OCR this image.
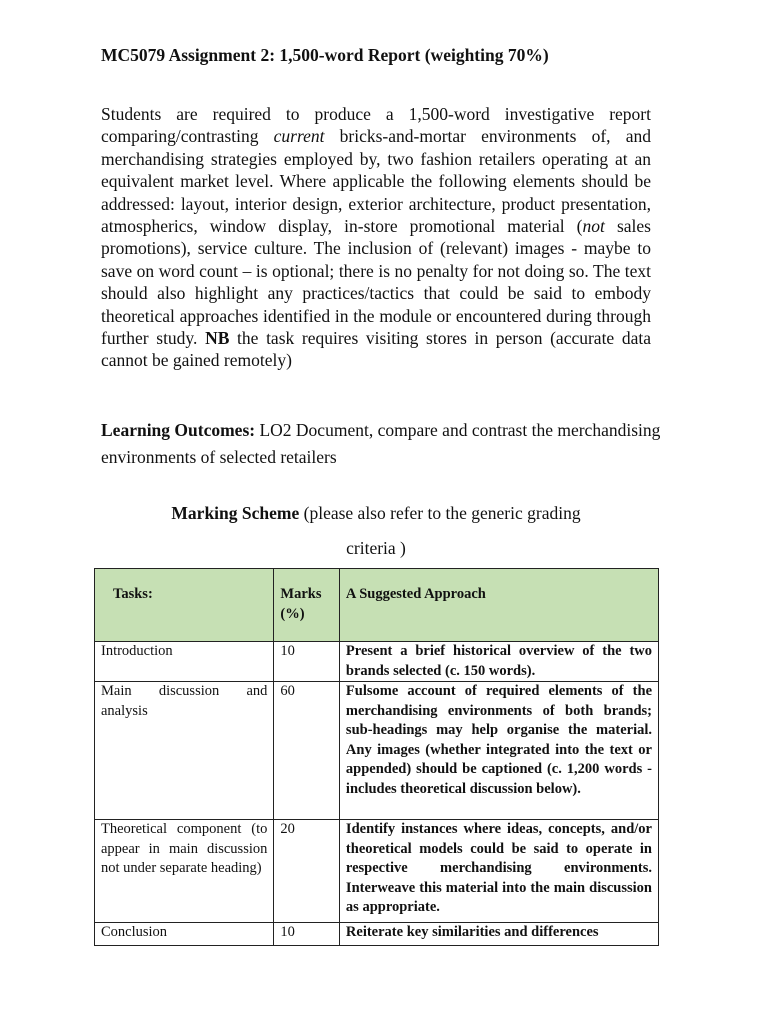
MC5079 Assignment 2: 1,500-word Report (weighting 70%)

Students are required to produce a 1,500-word investigative report comparing/contrasting current bricks-and-mortar environments of, and merchandising strategies employed by, two fashion retailers operating at an equivalent market level. Where applicable the following elements should be addressed: layout, interior design, exterior architecture, product presentation, atmospherics, window display, in-store promotional material (not sales promotions), service culture. The inclusion of (relevant) images - maybe to save on word count – is optional; there is no penalty for not doing so. The text should also highlight any practices/tactics that could be said to embody theoretical approaches identified in the module or encountered during through further study. NB the task requires visiting stores in person (accurate data cannot be gained remotely)

Learning Outcomes: LO2 Document, compare and contrast the merchandising environments of selected retailers

Marking Scheme (please also refer to the generic grading
criteria )
Tasks:	Marks (%)	A Suggested Approach
Introduction	10	Present a brief historical overview of the two brands selected (c. 150 words).
Main discussion and analysis	60	Fulsome account of required elements of the merchandising environments of both brands; sub-headings may help organise the material. Any images (whether integrated into the text or appended) should be captioned (c. 1,200 words - includes theoretical discussion below).
Theoretical component (to appear in main discussion not under separate heading)	20	Identify instances where ideas, concepts, and/or theoretical models could be said to operate in respective merchandising environments. Interweave this material into the main discussion as appropriate.
Conclusion	10	Reiterate key similarities and differences
